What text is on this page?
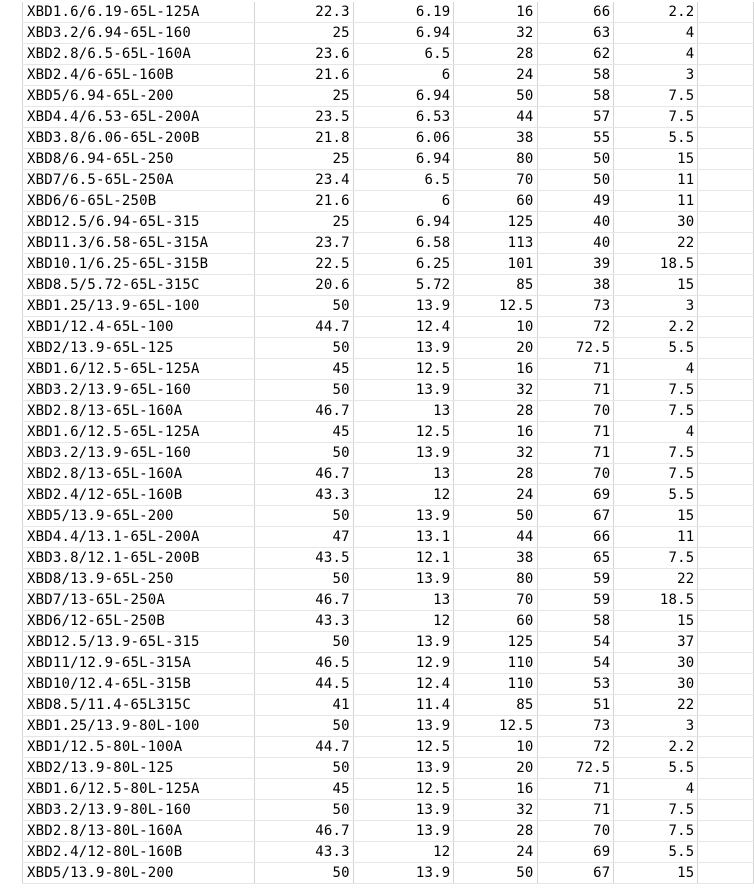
XBD1.6/6.19-65L-125A	22.3	6.19	16	66	2.2	
XBD3.2/6.94-65L-160	25	6.94	32	63	4	
XBD2.8/6.5-65L-160A	23.6	6.5	28	62	4	
XBD2.4/6-65L-160B	21.6	6	24	58	3	
XBD5/6.94-65L-200	25	6.94	50	58	7.5	
XBD4.4/6.53-65L-200A	23.5	6.53	44	57	7.5	
XBD3.8/6.06-65L-200B	21.8	6.06	38	55	5.5	
XBD8/6.94-65L-250	25	6.94	80	50	15	
XBD7/6.5-65L-250A	23.4	6.5	70	50	11	
XBD6/6-65L-250B	21.6	6	60	49	11	
XBD12.5/6.94-65L-315	25	6.94	125	40	30	
XBD11.3/6.58-65L-315A	23.7	6.58	113	40	22	
XBD10.1/6.25-65L-315B	22.5	6.25	101	39	18.5	
XBD8.5/5.72-65L-315C	20.6	5.72	85	38	15	
XBD1.25/13.9-65L-100	50	13.9	12.5	73	3	
XBD1/12.4-65L-100	44.7	12.4	10	72	2.2	
XBD2/13.9-65L-125	50	13.9	20	72.5	5.5	
XBD1.6/12.5-65L-125A	45	12.5	16	71	4	
XBD3.2/13.9-65L-160	50	13.9	32	71	7.5	
XBD2.8/13-65L-160A	46.7	13	28	70	7.5	
XBD1.6/12.5-65L-125A	45	12.5	16	71	4	
XBD3.2/13.9-65L-160	50	13.9	32	71	7.5	
XBD2.8/13-65L-160A	46.7	13	28	70	7.5	
XBD2.4/12-65L-160B	43.3	12	24	69	5.5	
XBD5/13.9-65L-200	50	13.9	50	67	15	
XBD4.4/13.1-65L-200A	47	13.1	44	66	11	
XBD3.8/12.1-65L-200B	43.5	12.1	38	65	7.5	
XBD8/13.9-65L-250	50	13.9	80	59	22	
XBD7/13-65L-250A	46.7	13	70	59	18.5	
XBD6/12-65L-250B	43.3	12	60	58	15	
XBD12.5/13.9-65L-315	50	13.9	125	54	37	
XBD11/12.9-65L-315A	46.5	12.9	110	54	30	
XBD10/12.4-65L-315B	44.5	12.4	110	53	30	
XBD8.5/11.4-65L315C	41	11.4	85	51	22	
XBD1.25/13.9-80L-100	50	13.9	12.5	73	3	
XBD1/12.5-80L-100A	44.7	12.5	10	72	2.2	
XBD2/13.9-80L-125	50	13.9	20	72.5	5.5	
XBD1.6/12.5-80L-125A	45	12.5	16	71	4	
XBD3.2/13.9-80L-160	50	13.9	32	71	7.5	
XBD2.8/13-80L-160A	46.7	13.9	28	70	7.5	
XBD2.4/12-80L-160B	43.3	12	24	69	5.5	
XBD5/13.9-80L-200	50	13.9	50	67	15	
